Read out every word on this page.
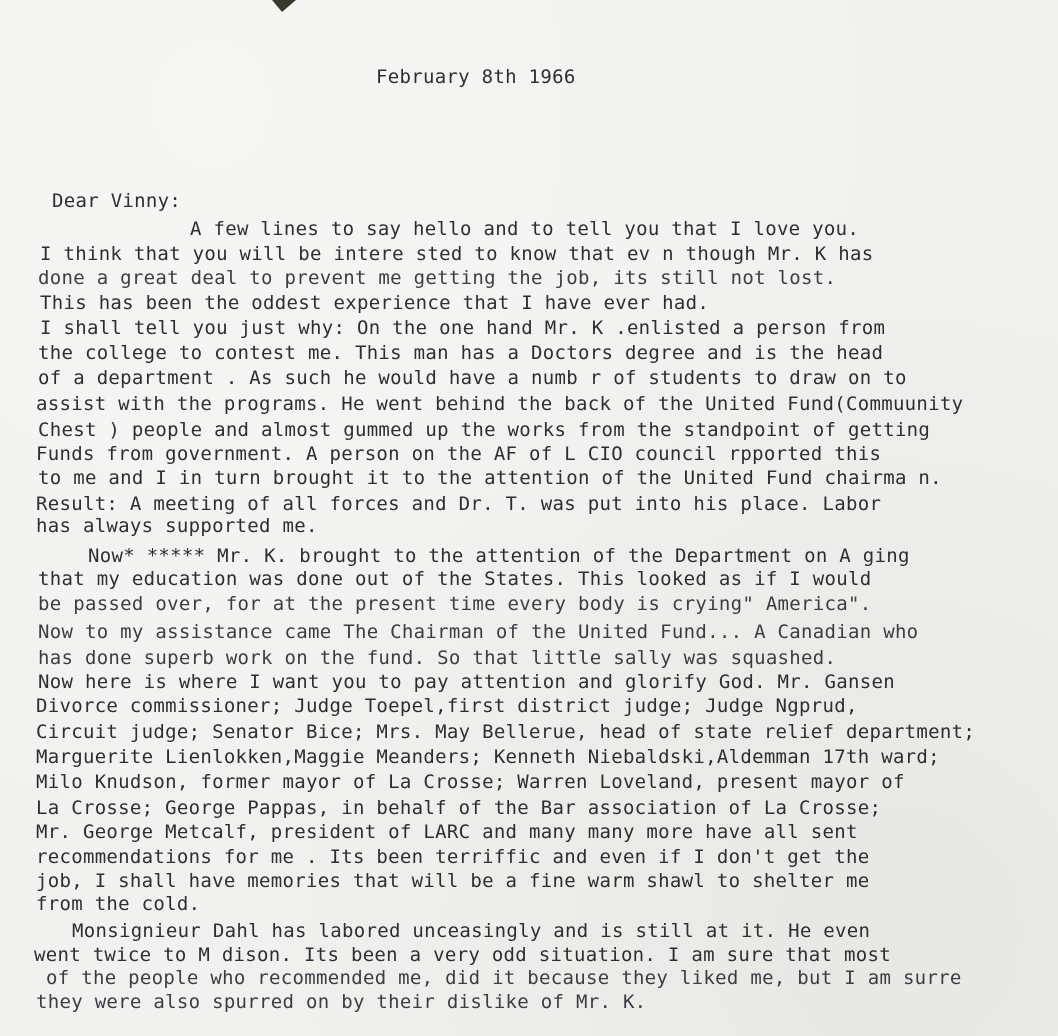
February 8th 1966
Dear Vinny:
A few lines to say hello and to tell you that I love you.
I think that you will be intere sted to know that ev n though Mr. K has
done a great deal to prevent me getting the job, its still not lost.
This has been the oddest experience that I have ever had.
I shall tell you just why: On the one hand Mr. K .enlisted a person from
the college to contest me. This man has a Doctors degree and is the head
of a department . As such he would have a numb r of students to draw on to
assist with the programs. He went behind the back of the United Fund(Commuunity
Chest ) people and almost gummed up the works from the standpoint of getting
Funds from government. A person on the AF of L CIO council rpported this
to me and I in turn brought it to the attention of the United Fund chairma n.
Result: A meeting of all forces and Dr. T. was put into his place. Labor
has always supported me.
Now* ***** Mr. K. brought to the attention of the Department on A ging
that my education was done out of the States. This looked as if I would
be passed over, for at the present time every body is crying" America".
Now to my assistance came The Chairman of the United Fund... A Canadian who
has done superb work on the fund. So that little sally was squashed.
Now here is where I want you to pay attention and glorify God. Mr. Gansen
Divorce commissioner; Judge Toepel,first district judge; Judge Ngprud,
Circuit judge; Senator Bice; Mrs. May Bellerue, head of state relief department;
Marguerite Lienlokken,Maggie Meanders; Kenneth Niebaldski,Aldemman 17th ward;
Milo Knudson, former mayor of La Crosse; Warren Loveland, present mayor of
La Crosse; George Pappas, in behalf of the Bar association of La Crosse;
Mr. George Metcalf, president of LARC and many many more have all sent
recommendations for me . Its been terriffic and even if I don't get the
job, I shall have memories that will be a fine warm shawl to shelter me
from the cold.
Monsignieur Dahl has labored unceasingly and is still at it. He even
went twice to M dison. Its been a very odd situation. I am sure that most
of the people who recommended me, did it because they liked me, but I am surre
they were also spurred on by their dislike of Mr. K.
